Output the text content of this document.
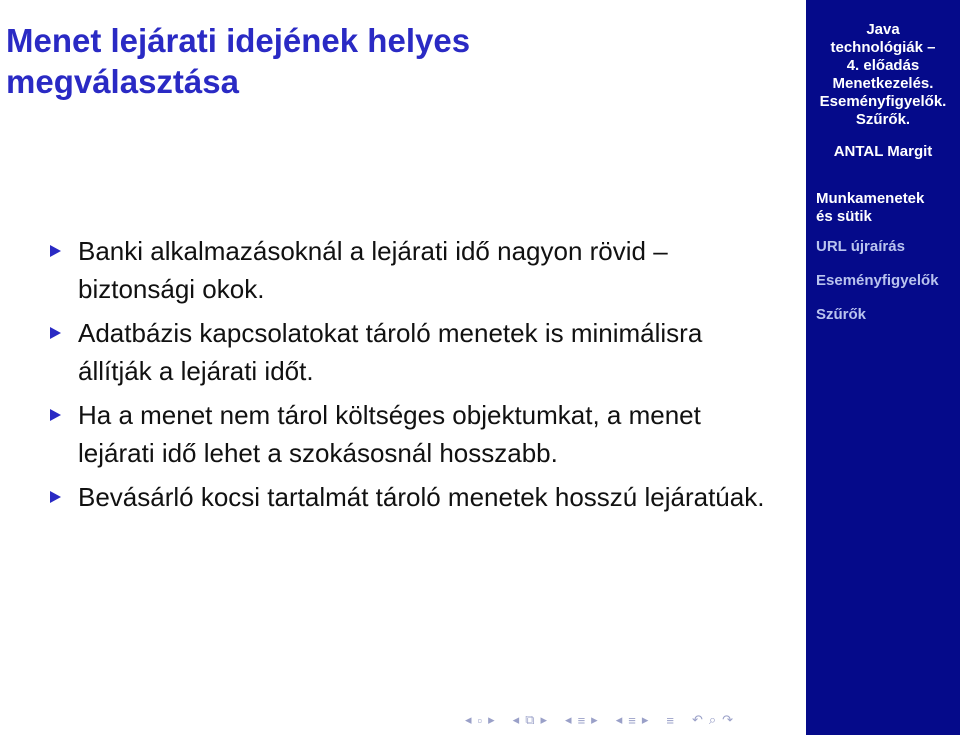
Menet lejárati idejének helyes
megválasztása
Banki alkalmazásoknál a lejárati idő nagyon rövid – biztonsági okok.
Adatbázis kapcsolatokat tároló menetek is minimálisra állítják a lejárati időt.
Ha a menet nem tárol költséges objektumkat, a menet lejárati idő lehet a szokásosnál hosszabb.
Bevásárló kocsi tartalmát tároló menetek hosszú lejáratúak.
Java
technológiák –
4. előadás
Menetkezelés.
Eseményfigyelők.
Szűrők.
ANTAL Margit
Munkamenetek és sütik
URL újraírás
Eseményfigyelők
Szűrők
◂ ▫ ▸ ◂ ⧉ ▸ ◂ ≡ ▸ ◂ ≡ ▸ ≡ ↶ ⌕ ↷
